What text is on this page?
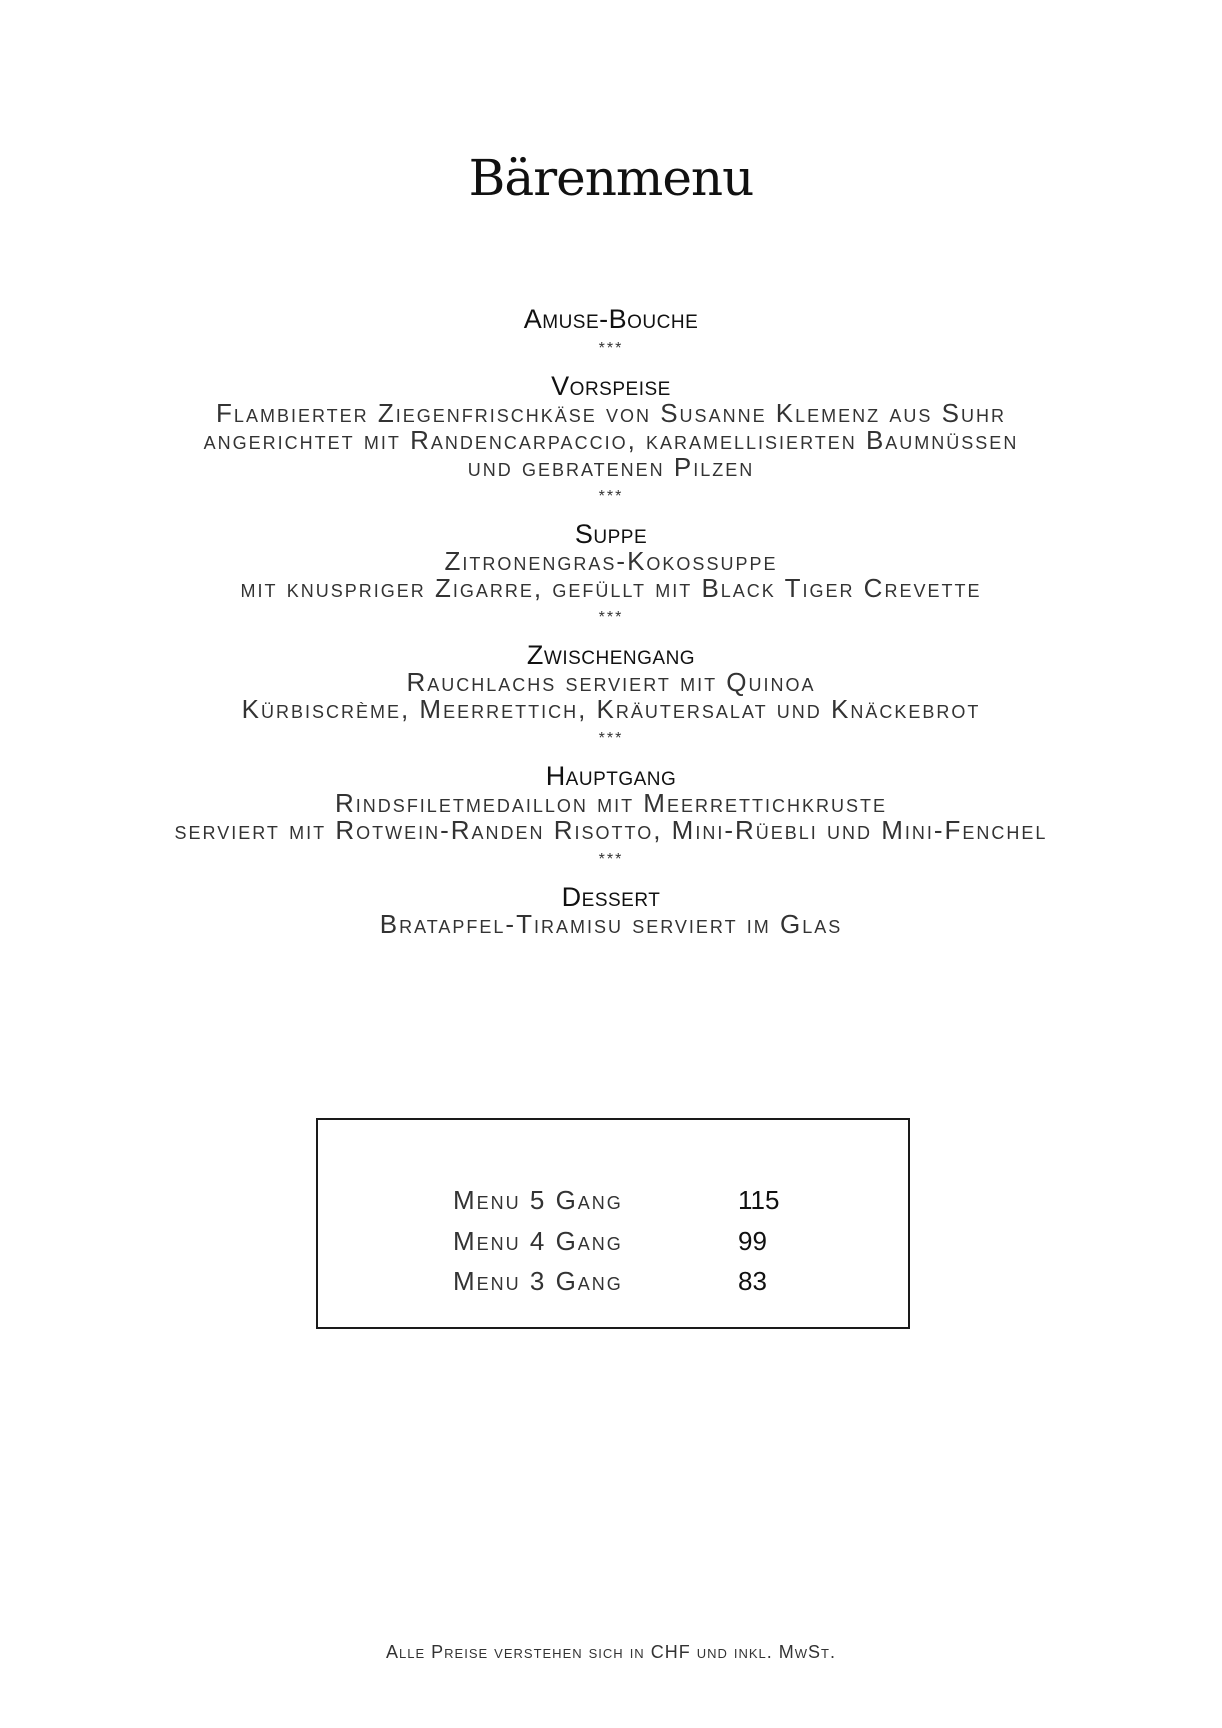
Bärenmenu
Amuse-Bouche
***
Vorspeise
Flambierter Ziegenfrischkäse von Susanne Klemenz aus Suhr
angerichtet mit Randencarpaccio, karamellisierten Baumnüssen
und gebratenen Pilzen
***
Suppe
Zitronengras-Kokossuppe
mit knuspriger Zigarre, gefüllt mit Black Tiger Crevette
***
Zwischengang
Rauchlachs serviert mit Quinoa
Kürbiscrème, Meerrettich, Kräutersalat und Knäckebrot
***
Hauptgang
Rindsfiletmedaillon mit Meerrettichkruste
serviert mit Rotwein-Randen Risotto, Mini-Rüebli und Mini-Fenchel
***
Dessert
Bratapfel-Tiramisu serviert im Glas
Menu 5 Gang	115
Menu 4 Gang	99
Menu 3 Gang	83
Alle Preise verstehen sich in CHF und inkl. MwSt.
